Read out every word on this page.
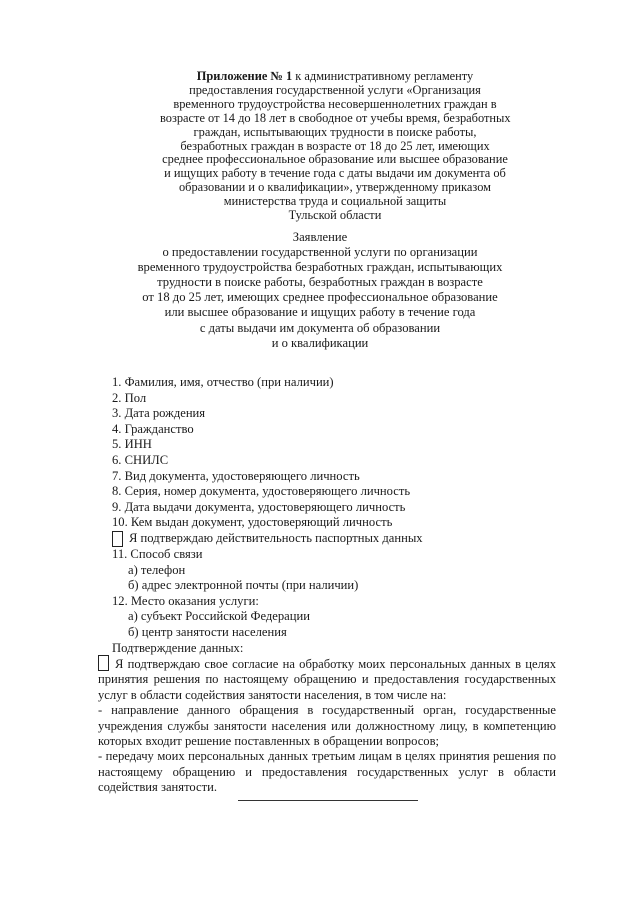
Приложение № 1 к административному регламенту
предоставления государственной услуги «Организация
временного трудоустройства несовершеннолетних граждан в
возрасте от 14 до 18 лет в свободное от учебы время, безработных
граждан, испытывающих трудности в поиске работы,
безработных граждан в возрасте от 18 до 25 лет, имеющих
среднее профессиональное образование или высшее образование
и ищущих работу в течение года с даты выдачи им документа об
образовании и о квалификации», утвержденному приказом
министерства труда и социальной защиты
Тульской области
Заявление
о предоставлении государственной услуги по организации
временного трудоустройства безработных граждан, испытывающих
трудности в поиске работы, безработных граждан в возрасте
от 18 до 25 лет, имеющих среднее профессиональное образование
или высшее образование и ищущих работу в течение года
с даты выдачи им документа об образовании
и о квалификации
1. Фамилия, имя, отчество (при наличии)
2. Пол
3. Дата рождения
4. Гражданство
5. ИНН
6. СНИЛС
7. Вид документа, удостоверяющего личность
8. Серия, номер документа, удостоверяющего личность
9. Дата выдачи документа, удостоверяющего личность
10. Кем выдан документ, удостоверяющий личность
Я подтверждаю действительность паспортных данных
11. Способ связи
а) телефон
б) адрес электронной почты (при наличии)
12. Место оказания услуги:
а) субъект Российской Федерации
б) центр занятости населения
Подтверждение данных:

Я подтверждаю свое согласие на обработку моих персональных данных в целях принятия решения по настоящему обращению и предоставления государственных услуг в области содействия занятости населения, в том числе на:

- направление данного обращения в государственный орган, государственные учреждения службы занятости населения или должностному лицу, в компетенцию которых входит решение поставленных в обращении вопросов;

- передачу моих персональных данных третьим лицам в целях принятия решения по настоящему обращению и предоставления государственных услуг в области содействия занятости.
